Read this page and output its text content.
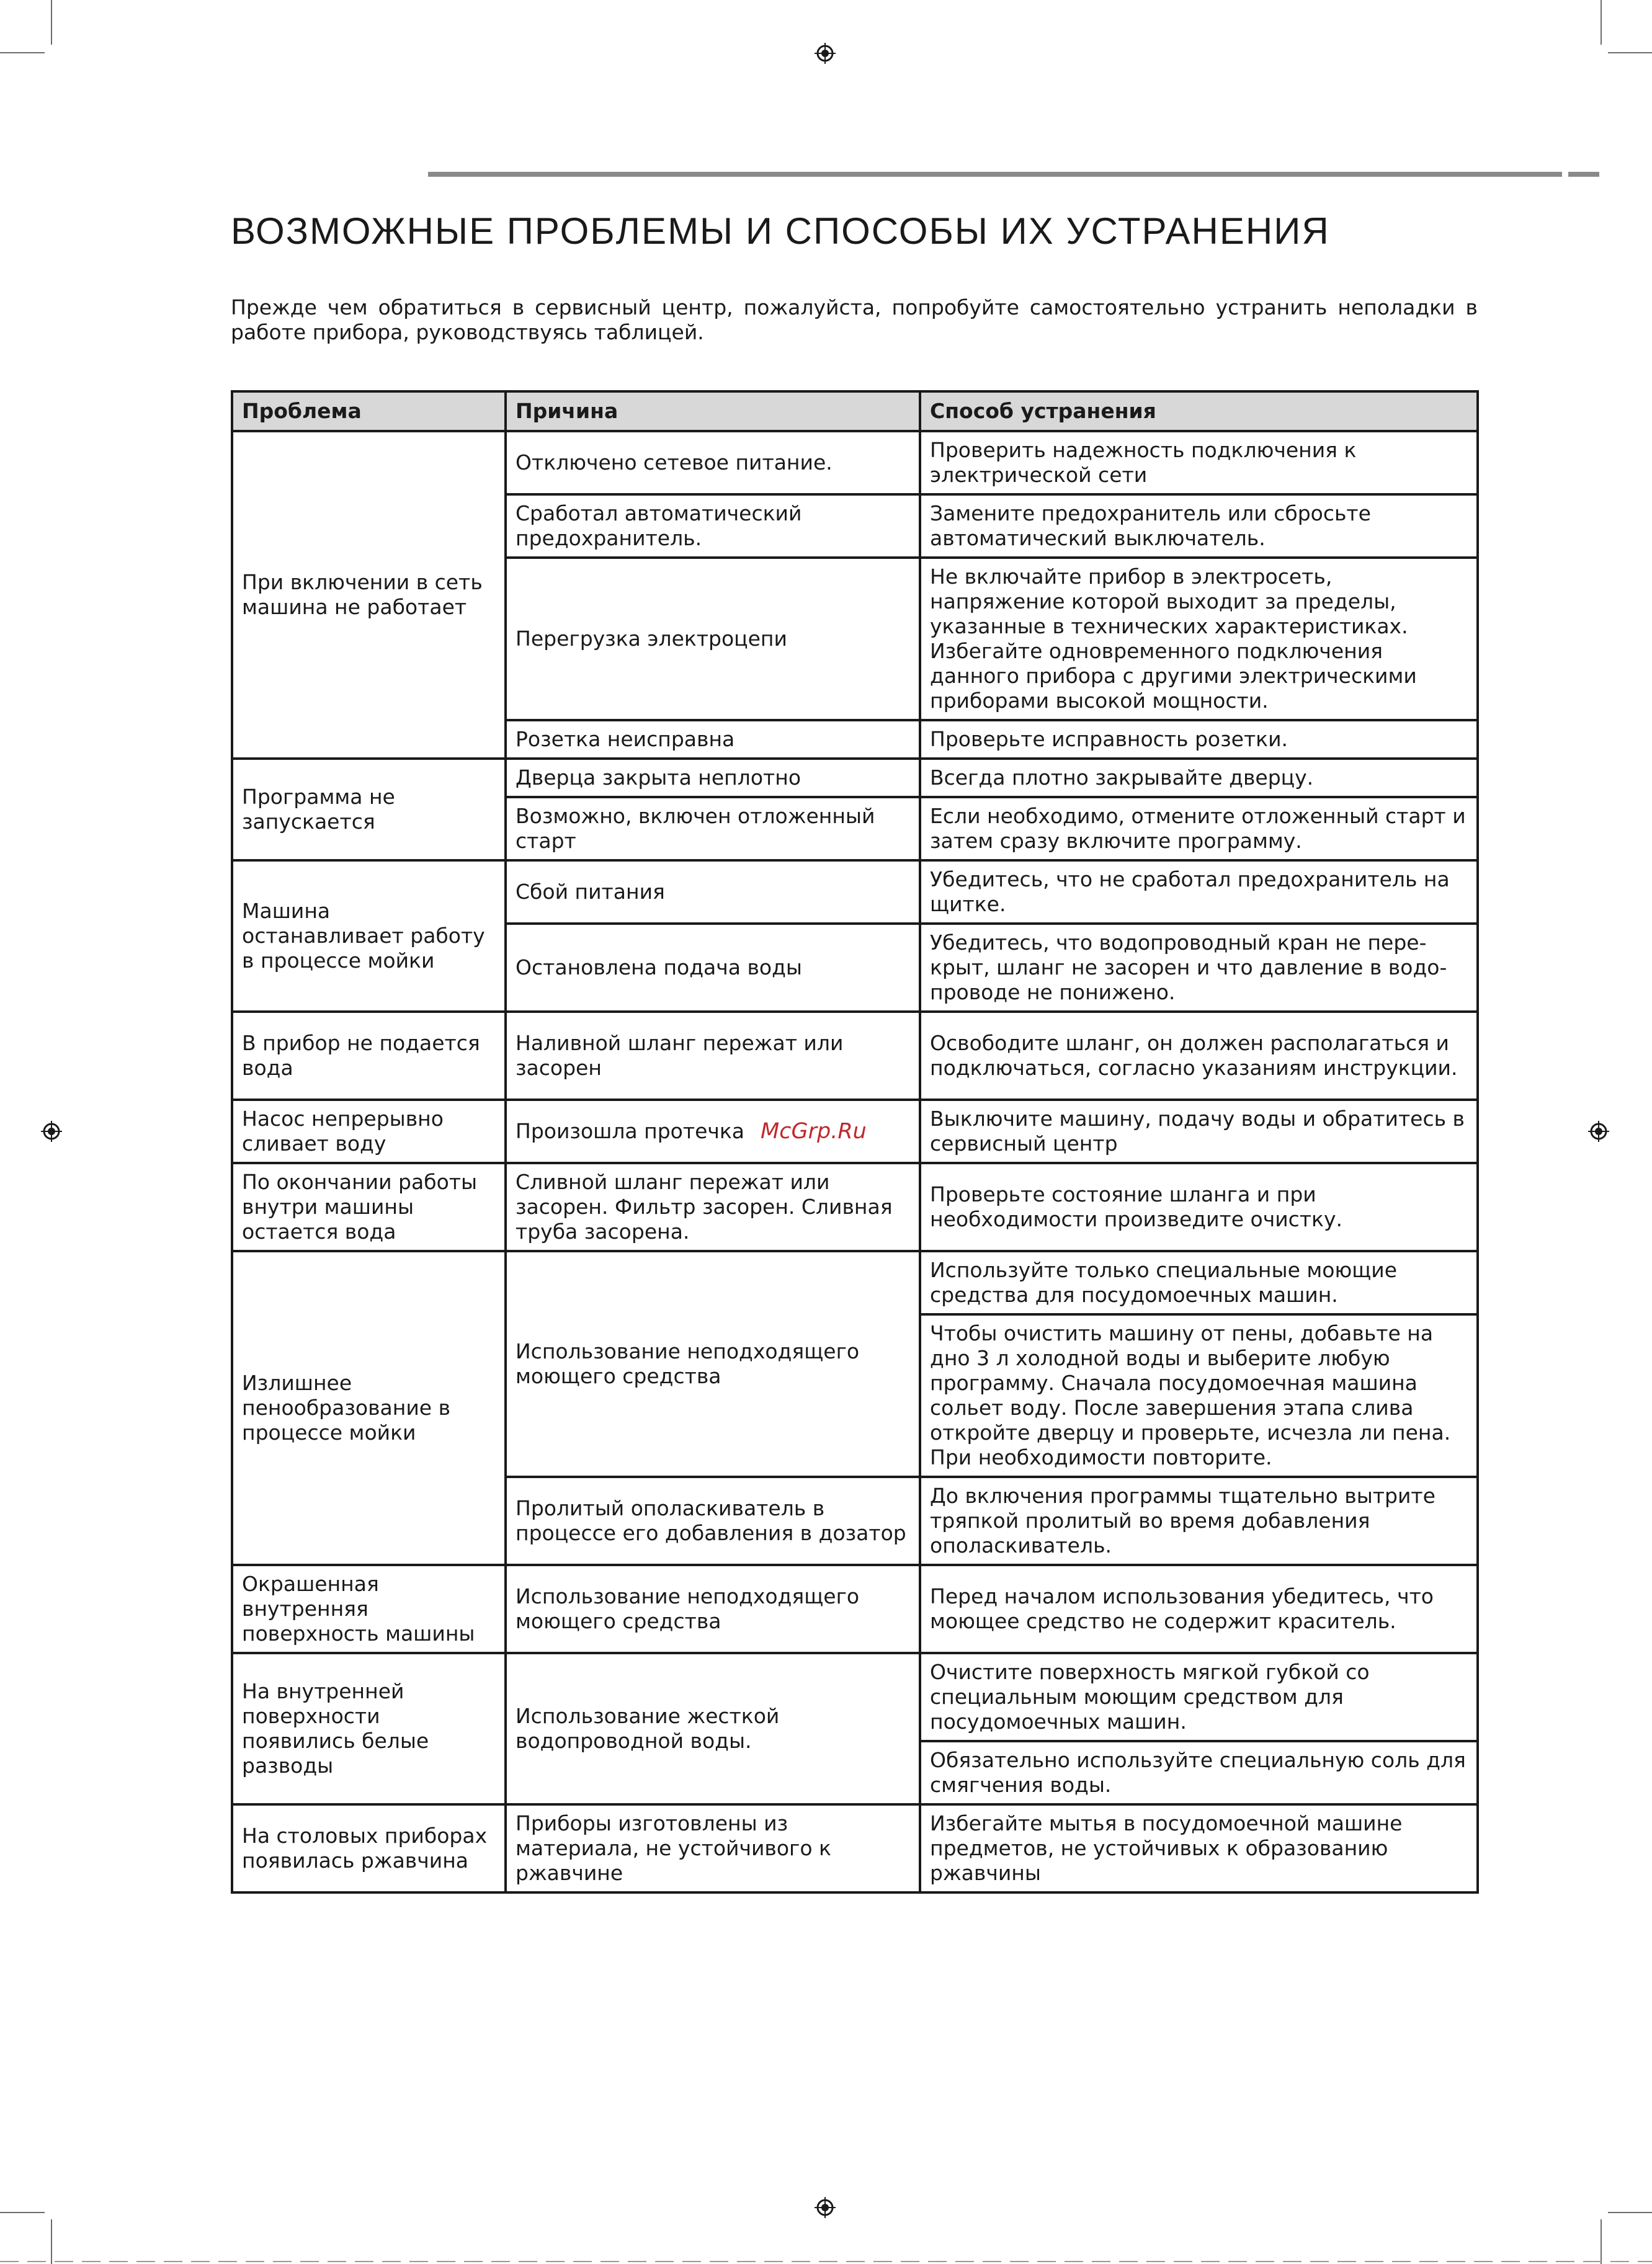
ВОЗМОЖНЫЕ ПРОБЛЕМЫ И СПОСОБЫ ИХ УСТРАНЕНИЯ

Прежде чем обратиться в сервисный центр, пожалуйста, попробуйте самостоятельно устранить неполадки в работе прибора, руководствуясь таблицей.

Проблема	Причина	Способ устранения
При включении в сеть машина не работает	Отключено сетевое питание.	Проверить надежность подключения к электрической сети
	Сработал автоматический предохранитель.	Замените предохранитель или сбросьте автоматический выключатель.
	Перегрузка электроцепи	Не включайте прибор в электросеть, напряжение которой выходит за пределы, указанные в технических характеристиках. Избегайте одновременного подключения данного прибора с другими электрическими приборами высокой мощности.
	Розетка неисправна	Проверьте исправность розетки.
Программа не запускается	Дверца закрыта неплотно	Всегда плотно закрывайте дверцу.
	Возможно, включен отложенный старт	Если необходимо, отмените отложенный старт и затем сразу включите программу.
Машина останавливает работу в процессе мойки	Сбой питания	Убедитесь, что не сработал предохранитель на щитке.
	Остановлена подача воды	Убедитесь, что водопроводный кран не пере-крыт, шланг не засорен и что давление в водо-проводе не понижено.
В прибор не подается вода	Наливной шланг пережат или засорен	Освободите шланг, он должен располагаться и подключаться, согласно указаниям инструкции.
Насос непрерывно сливает воду	Произошла протечка McGrp.Ru	Выключите машину, подачу воды и обратитесь в сервисный центр
По окончании работы внутри машины остается вода	Сливной шланг пережат или засорен. Фильтр засорен. Сливная труба засорена.	Проверьте состояние шланга и при необходимости произведите очистку.
Излишнее пенообразование в процессе мойки	Использование неподходящего моющего средства	Используйте только специальные моющие средства для посудомоечных машин.
		Чтобы очистить машину от пены, добавьте на дно 3 л холодной воды и выберите любую программу. Сначала посудомоечная машина сольет воду. После завершения этапа слива откройте дверцу и проверьте, исчезла ли пена. При необходимости повторите.
	Пролитый ополаскиватель в процессе его добавления в дозатор	До включения программы тщательно вытрите тряпкой пролитый во время добавления ополаскиватель.
Окрашенная внутренняя поверхность машины	Использование неподходящего моющего средства	Перед началом использования убедитесь, что моющее средство не содержит краситель.
На внутренней поверхности появились белые разводы	Использование жесткой водопроводной воды.	Очистите поверхность мягкой губкой со специальным моющим средством для посудомоечных машин.
		Обязательно используйте специальную соль для смягчения воды.
На столовых приборах появилась ржавчина	Приборы изготовлены из материала, не устойчивого к ржавчине	Избегайте мытья в посудомоечной машине предметов, не устойчивых к образованию ржавчины
